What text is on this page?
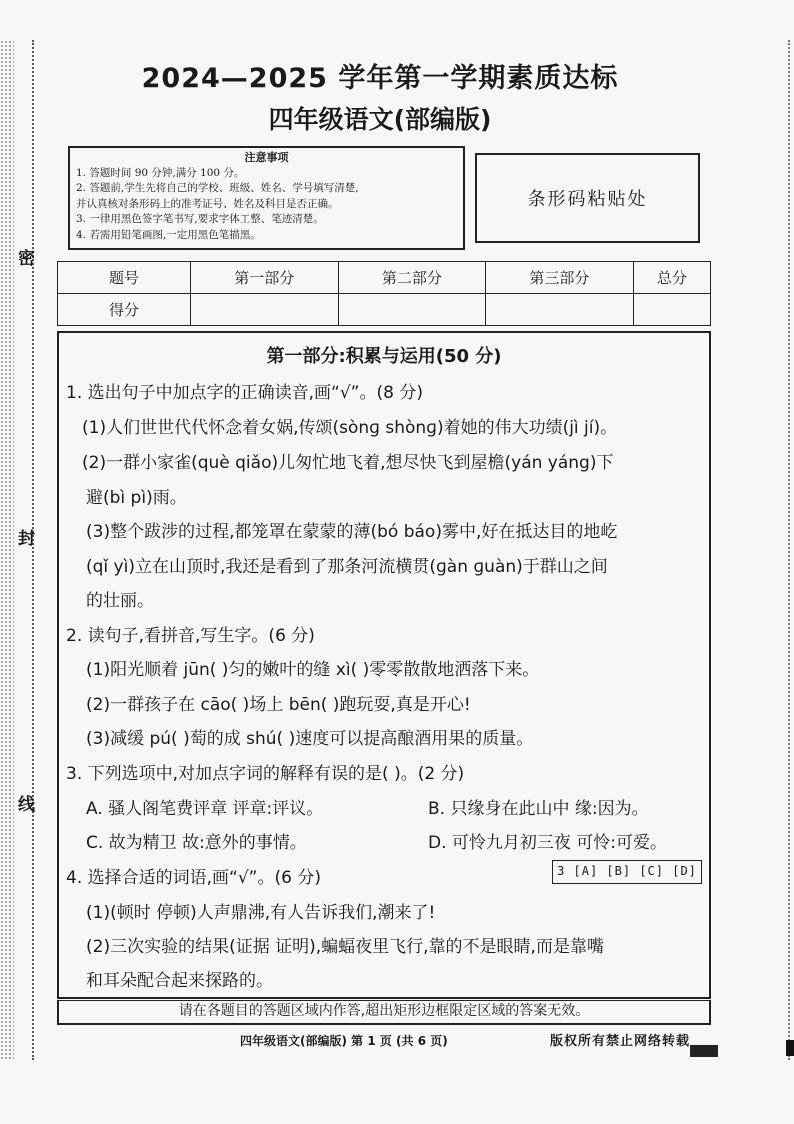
密
封
线
2024—2025 学年第一学期素质达标
四年级语文(部编版)
注意事项
1. 答题时间 90 分钟,满分 100 分。
2. 答题前,学生先将自己的学校、班级、姓名、学号填写清楚,
并认真核对条形码上的准考证号、姓名及科目是否正确。
3. 一律用黑色签字笔书写,要求字体工整、笔迹清楚。
4. 若需用铅笔画图,一定用黑色笔描黑。
条形码粘贴处
题号	第一部分	第二部分	第三部分	总分
得分				
第一部分:积累与运用(50 分)
1. 选出句子中加点字的正确读音,画“√”。(8 分)
(1)人们世世代代怀念着女娲,传颂(sònɡ shònɡ)着她的伟大功绩(jì jí)。
(2)一群小家雀(què qiǎo)儿匆忙地飞着,想尽快飞到屋檐(yán yáng)下
避(bì pì)雨。
(3)整个跋涉的过程,都笼罩在蒙蒙的薄(bó báo)雾中,好在抵达目的地屹
(qǐ yì)立在山顶时,我还是看到了那条河流横贯(ɡàn ɡuàn)于群山之间
的壮丽。
2. 读句子,看拼音,写生字。(6 分)
(1)阳光顺着 jūn( )匀的嫩叶的缝 xì( )零零散散地洒落下来。
(2)一群孩子在 cāo( )场上 bēn( )跑玩耍,真是开心!
(3)减缓 pú( )萄的成 shú( )速度可以提高酿酒用果的质量。
3. 下列选项中,对加点字词的解释有误的是( )。(2 分)
A. 骚人阁笔费评章 评章:评议。	B. 只缘身在此山中 缘:因为。
C. 故为精卫 故:意外的事情。	D. 可怜九月初三夜 可怜:可爱。
4. 选择合适的词语,画“√”。(6 分)	3 [A] [B] [C] [D]
(1)(顿时 停顿)人声鼎沸,有人告诉我们,潮来了!
(2)三次实验的结果(证据 证明),蝙蝠夜里飞行,靠的不是眼睛,而是靠嘴
和耳朵配合起来探路的。
请在各题目的答题区域内作答,超出矩形边框限定区域的答案无效。
四年级语文(部编版) 第 1 页 (共 6 页)	版权所有禁止网络转载
